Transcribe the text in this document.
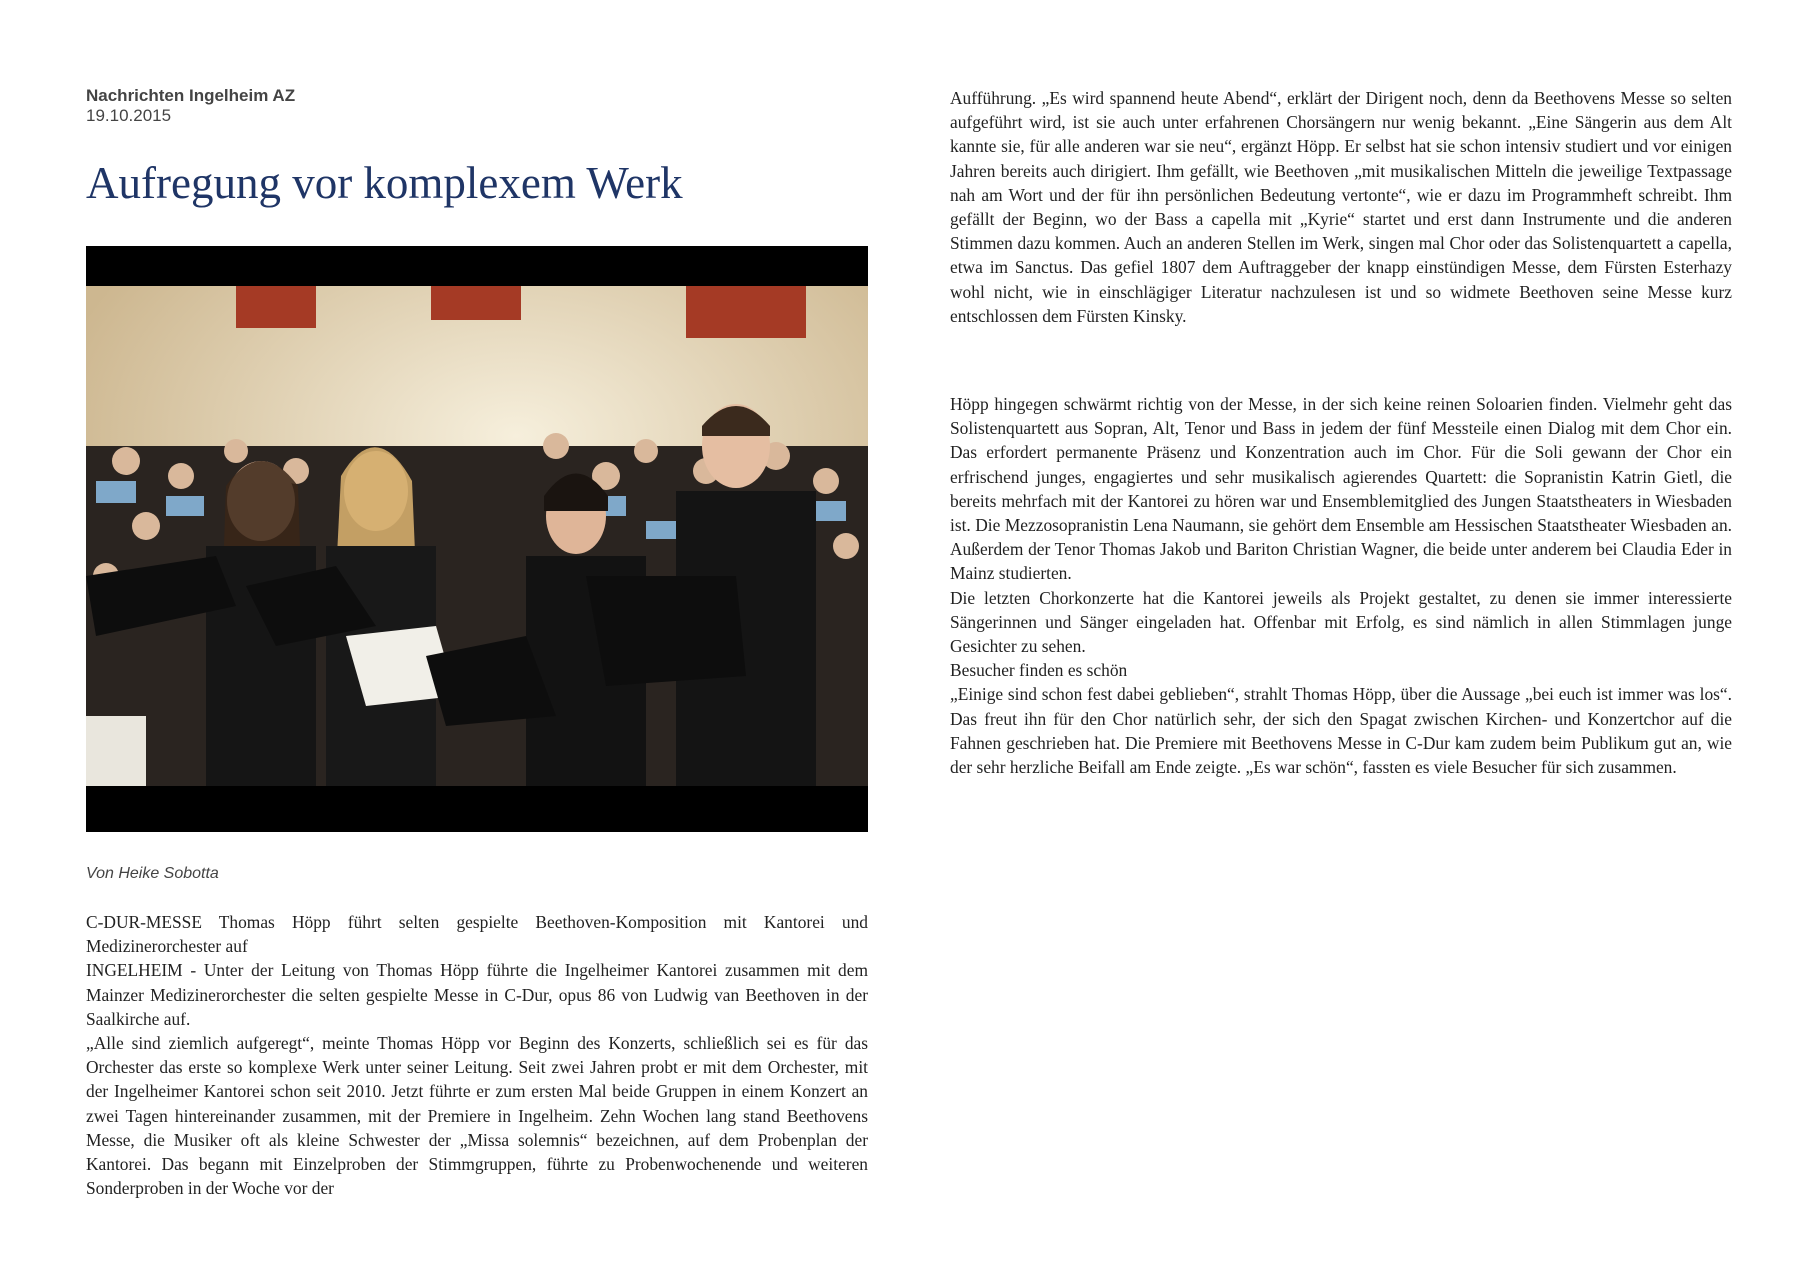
Nachrichten Ingelheim AZ

19.10.2015

Aufregung vor komplexem Werk

Von Heike Sobotta

C-DUR-MESSE Thomas Höpp führt selten gespielte Beethoven-Komposition mit Kantorei und Medizinerorchester auf

INGELHEIM - Unter der Leitung von Thomas Höpp führte die Ingelheimer Kantorei zusammen mit dem Mainzer Medizinerorchester die selten gespielte Messe in C-Dur, opus 86 von Ludwig van Beethoven in der Saalkirche auf.

„Alle sind ziemlich aufgeregt“, meinte Thomas Höpp vor Beginn des Konzerts, schließlich sei es für das Orchester das erste so komplexe Werk unter seiner Leitung. Seit zwei Jahren probt er mit dem Orchester, mit der Ingelheimer Kantorei schon seit 2010. Jetzt führte er zum ersten Mal beide Gruppen in einem Konzert an zwei Tagen hintereinander zusammen, mit der Premiere in Ingelheim. Zehn Wochen lang stand Beethovens Messe, die Musiker oft als kleine Schwester der „Missa solemnis“ bezeichnen, auf dem Probenplan der Kantorei. Das begann mit Einzelproben der Stimmgruppen, führte zu Probenwochenende und weiteren Sonderproben in der Woche vor der

Aufführung. „Es wird spannend heute Abend“, erklärt der Dirigent noch, denn da Beethovens Messe so selten aufgeführt wird, ist sie auch unter erfahrenen Chorsängern nur wenig bekannt. „Eine Sängerin aus dem Alt kannte sie, für alle anderen war sie neu“, ergänzt Höpp. Er selbst hat sie schon intensiv studiert und vor einigen Jahren bereits auch dirigiert. Ihm gefällt, wie Beethoven „mit musikalischen Mitteln die jeweilige Textpassage nah am Wort und der für ihn persönlichen Bedeutung vertonte“, wie er dazu im Programmheft schreibt. Ihm gefällt der Beginn, wo der Bass a capella mit „Kyrie“ startet und erst dann Instrumente und die anderen Stimmen dazu kommen. Auch an anderen Stellen im Werk, singen mal Chor oder das Solistenquartett a capella, etwa im Sanctus. Das gefiel 1807 dem Auftraggeber der knapp einstündigen Messe, dem Fürsten Esterhazy wohl nicht, wie in einschlägiger Literatur nachzulesen ist und so widmete Beethoven seine Messe kurz entschlossen dem Fürsten Kinsky.

Höpp hingegen schwärmt richtig von der Messe, in der sich keine reinen Soloarien finden. Vielmehr geht das Solistenquartett aus Sopran, Alt, Tenor und Bass in jedem der fünf Messteile einen Dialog mit dem Chor ein. Das erfordert permanente Präsenz und Konzentration auch im Chor. Für die Soli gewann der Chor ein erfrischend junges, engagiertes und sehr musikalisch agierendes Quartett: die Sopranistin Katrin Gietl, die bereits mehrfach mit der Kantorei zu hören war und Ensemblemitglied des Jungen Staatstheaters in Wiesbaden ist. Die Mezzosopranistin Lena Naumann, sie gehört dem Ensemble am Hessischen Staatstheater Wiesbaden an. Außerdem der Tenor Thomas Jakob und Bariton Christian Wagner, die beide unter anderem bei Claudia Eder in Mainz studierten.

Die letzten Chorkonzerte hat die Kantorei jeweils als Projekt gestaltet, zu denen sie immer interessierte Sängerinnen und Sänger eingeladen hat. Offenbar mit Erfolg, es sind nämlich in allen Stimmlagen junge Gesichter zu sehen.

Besucher finden es schön

„Einige sind schon fest dabei geblieben“, strahlt Thomas Höpp, über die Aussage „bei euch ist immer was los“. Das freut ihn für den Chor natürlich sehr, der sich den Spagat zwischen Kirchen- und Konzertchor auf die Fahnen geschrieben hat. Die Premiere mit Beethovens Messe in C-Dur kam zudem beim Publikum gut an, wie der sehr herzliche Beifall am Ende zeigte. „Es war schön“, fassten es viele Besucher für sich zusammen.
